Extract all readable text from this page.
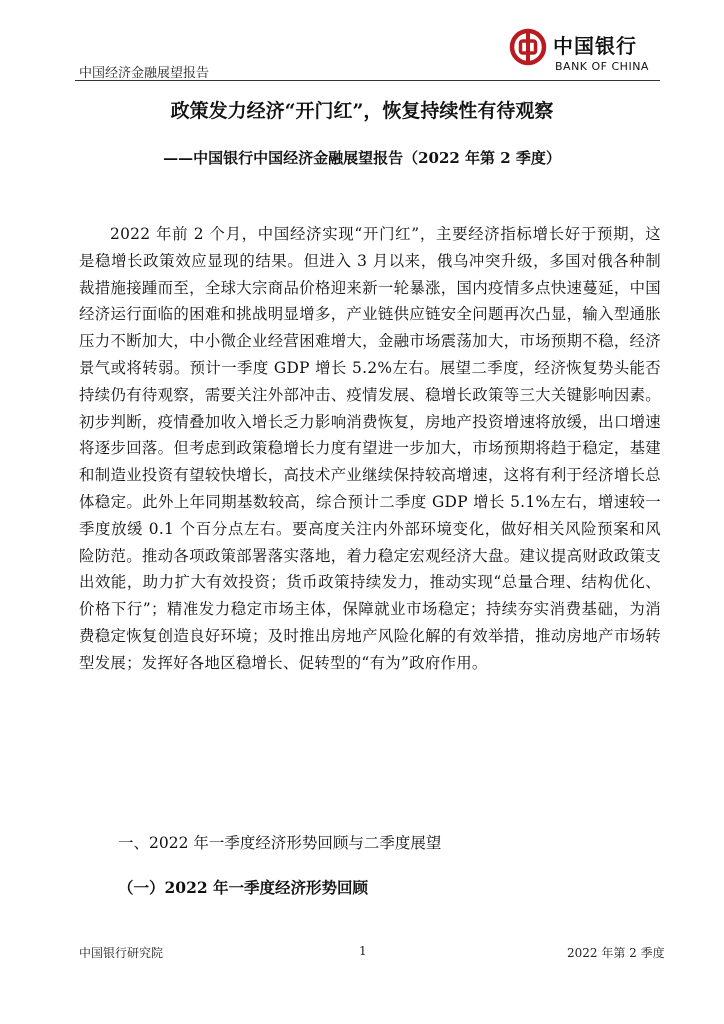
中国经济金融展望报告
中国银行
BANK OF CHINA
政策发力经济“开门红”，恢复持续性有待观察
——中国银行中国经济金融展望报告（2022 年第 2 季度）

2022 年前 2 个月，中国经济实现“开门红”，主要经济指标增长好于预期，这是稳增长政策效应显现的结果。但进入 3 月以来，俄乌冲突升级，多国对俄各种制裁措施接踵而至，全球大宗商品价格迎来新一轮暴涨，国内疫情多点快速蔓延，中国经济运行面临的困难和挑战明显增多，产业链供应链安全问题再次凸显，输入型通胀压力不断加大，中小微企业经营困难增大，金融市场震荡加大，市场预期不稳，经济景气或将转弱。预计一季度 GDP 增长 5.2%左右。展望二季度，经济恢复势头能否持续仍有待观察，需要关注外部冲击、疫情发展、稳增长政策等三大关键影响因素。初步判断，疫情叠加收入增长乏力影响消费恢复，房地产投资增速将放缓，出口增速将逐步回落。但考虑到政策稳增长力度有望进一步加大，市场预期将趋于稳定，基建和制造业投资有望较快增长，高技术产业继续保持较高增速，这将有利于经济增长总体稳定。此外上年同期基数较高，综合预计二季度 GDP 增长 5.1%左右，增速较一季度放缓 0.1 个百分点左右。要高度关注内外部环境变化，做好相关风险预案和风险防范。推动各项政策部署落实落地，着力稳定宏观经济大盘。建议提高财政政策支出效能，助力扩大有效投资；货币政策持续发力，推动实现“总量合理、结构优化、价格下行”；精准发力稳定市场主体，保障就业市场稳定；持续夯实消费基础，为消费稳定恢复创造良好环境；及时推出房地产风险化解的有效举措，推动房地产市场转型发展；发挥好各地区稳增长、促转型的“有为”政府作用。

一、2022 年一季度经济形势回顾与二季度展望
（一）2022 年一季度经济形势回顾
中国银行研究院	1	2022 年第 2 季度
